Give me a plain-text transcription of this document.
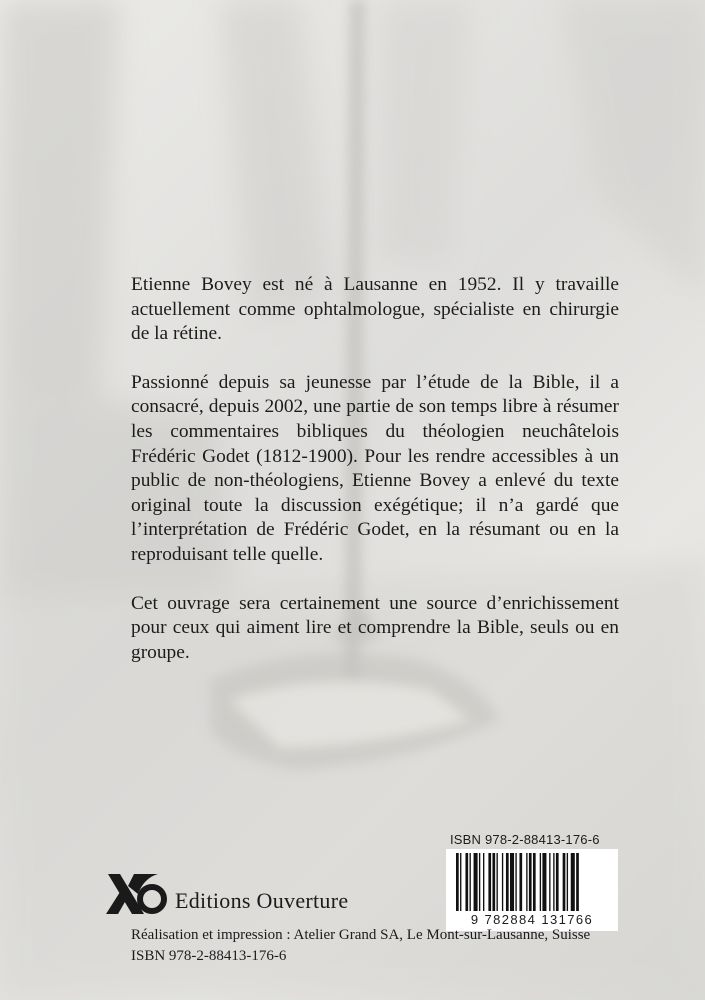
Etienne Bovey est né à Lausanne en 1952. Il y travaille actuellement comme ophtalmologue, spécialiste en chirurgie de la rétine.

Passionné depuis sa jeunesse par l’étude de la Bible, il a consacré, depuis 2002, une partie de son temps libre à résumer les commentaires bibliques du théologien neuchâtelois Frédéric Godet (1812-1900). Pour les rendre accessibles à un public de non-théologiens, Etienne Bovey a enlevé du texte original toute la discussion exégétique; il n’a gardé que l’interprétation de Frédéric Godet, en la résumant ou en la reproduisant telle quelle.

Cet ouvrage sera certainement une source d’enrichissement pour ceux qui aiment lire et comprendre la Bible, seuls ou en groupe.

ISBN 978-2-88413-176-6
9 782884 131766
Editions Ouverture
Réalisation et impression : Atelier Grand SA, Le Mont-sur-Lausanne, Suisse
ISBN 978-2-88413-176-6
